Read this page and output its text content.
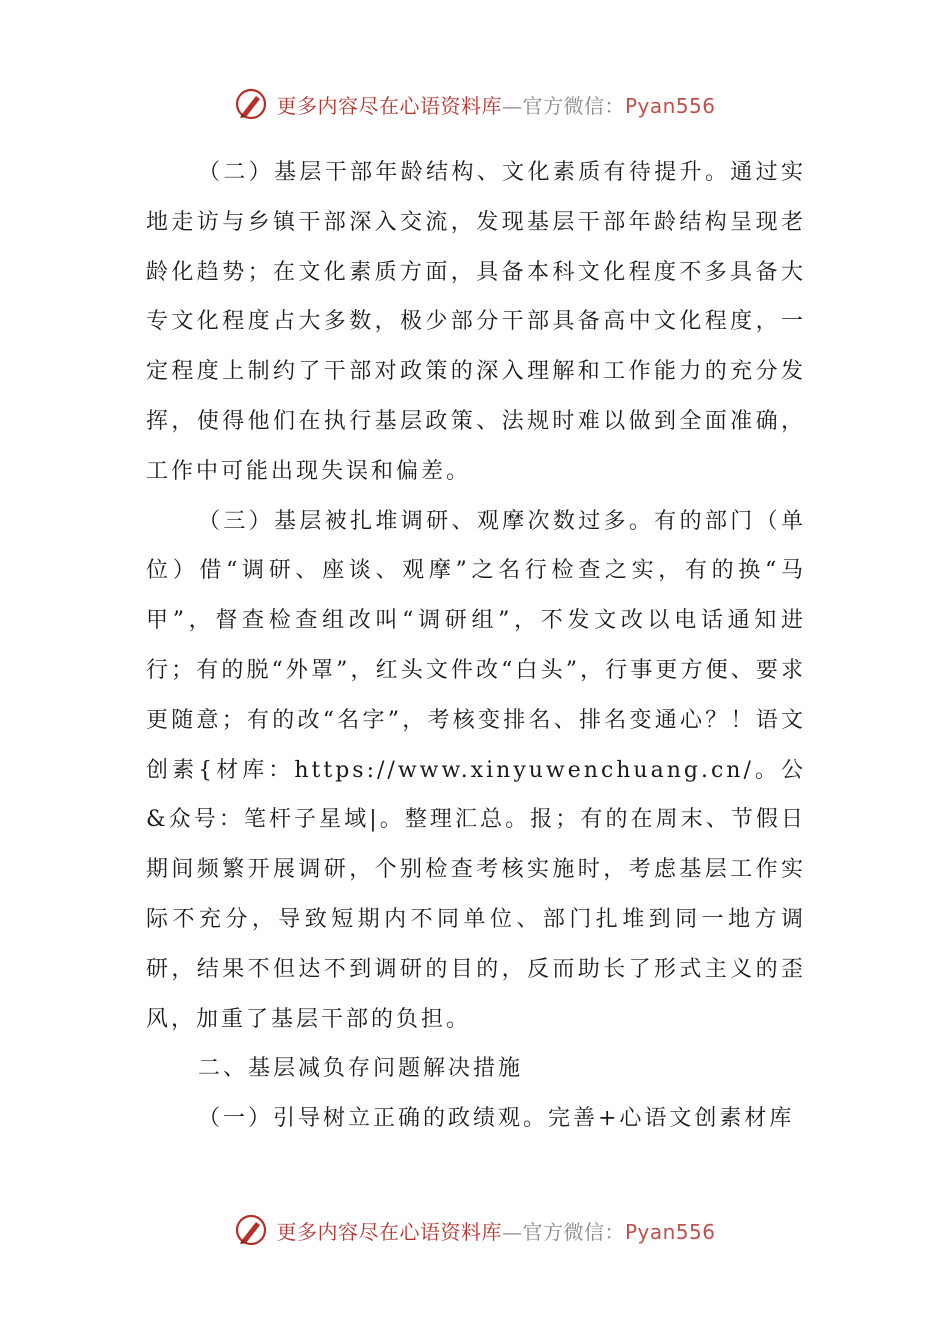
更多内容尽在心语资料库—官方微信：Pyan556

（二）基层干部年龄结构、文化素质有待提升。通过实地走访与乡镇干部深入交流，发现基层干部年龄结构呈现老龄化趋势；在文化素质方面，具备本科文化程度不多具备大专文化程度占大多数，极少部分干部具备高中文化程度，一定程度上制约了干部对政策的深入理解和工作能力的充分发挥，使得他们在执行基层政策、法规时难以做到全面准确，工作中可能出现失误和偏差。

（三）基层被扎堆调研、观摩次数过多。有的部门（单位）借“调研、座谈、观摩”之名行检查之实，有的换“马甲”，督查检查组改叫“调研组”，不发文改以电话通知进行；有的脱“外罩”，红头文件改“白头”，行事更方便、要求更随意；有的改“名字”，考核变排名、排名变通心？！语文创素{材库：https://www.xinyuwenchuang.cn/。公&众号：笔杆子星域|。整理汇总。报；有的在周末、节假日期间频繁开展调研，个别检查考核实施时，考虑基层工作实际不充分，导致短期内不同单位、部门扎堆到同一地方调研，结果不但达不到调研的目的，反而助长了形式主义的歪风，加重了基层干部的负担。

二、基层减负存问题解决措施

（一）引导树立正确的政绩观。完善+心语文创素材库

更多内容尽在心语资料库—官方微信：Pyan556
